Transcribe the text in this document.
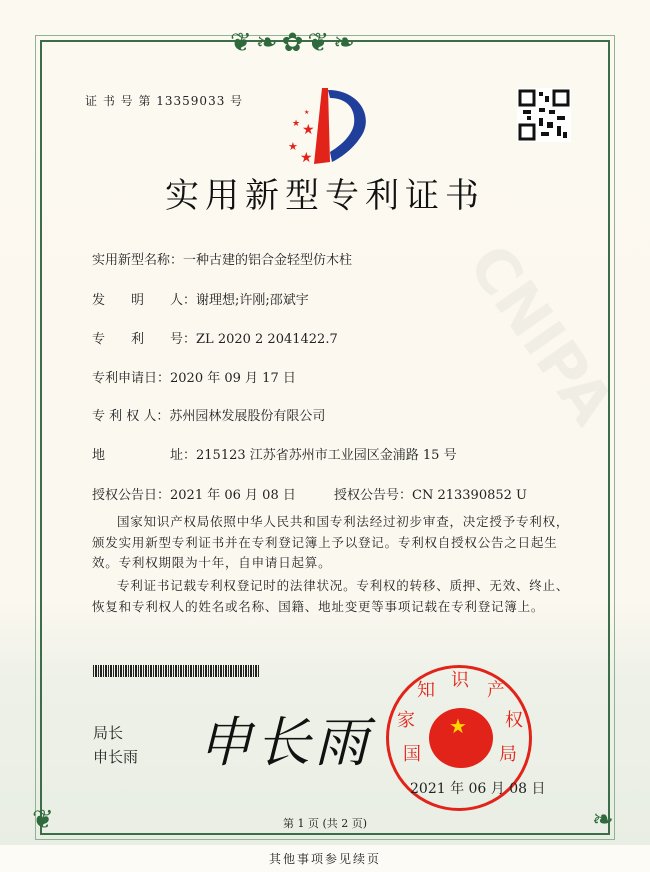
❦❧✿❦❧
❦	❧
证 书 号 第 13359033 号
★
★
★
★
★
实用新型专利证书
实用新型名称：一种古建的铝合金轻型仿木柱
发　　明　　人：谢理想;许刚;邵斌宇
专　　利　　号：ZL 2020 2 2041422.7
专利申请日：2020 年 09 月 17 日
专 利 权 人：苏州园林发展股份有限公司
地　　　　　址：215123 江苏省苏州市工业园区金浦路 15 号
授权公告日：2021 年 06 月 08 日	授权公告号：CN 213390852 U
国家知识产权局依照中华人民共和国专利法经过初步审查，决定授予专利权，颁发实用新型专利证书并在专利登记簿上予以登记。专利权自授权公告之日起生效。专利权期限为十年，自申请日起算。
专利证书记载专利权登记时的法律状况。专利权的转移、质押、无效、终止、恢复和专利权人的姓名或名称、国籍、地址变更等事项记载在专利登记簿上。
局长
申长雨 申长雨 国
家
知 识 产
权
局
★
2021 年 06 月 08 日
第 1 页 (共 2 页)
其他事项参见续页
